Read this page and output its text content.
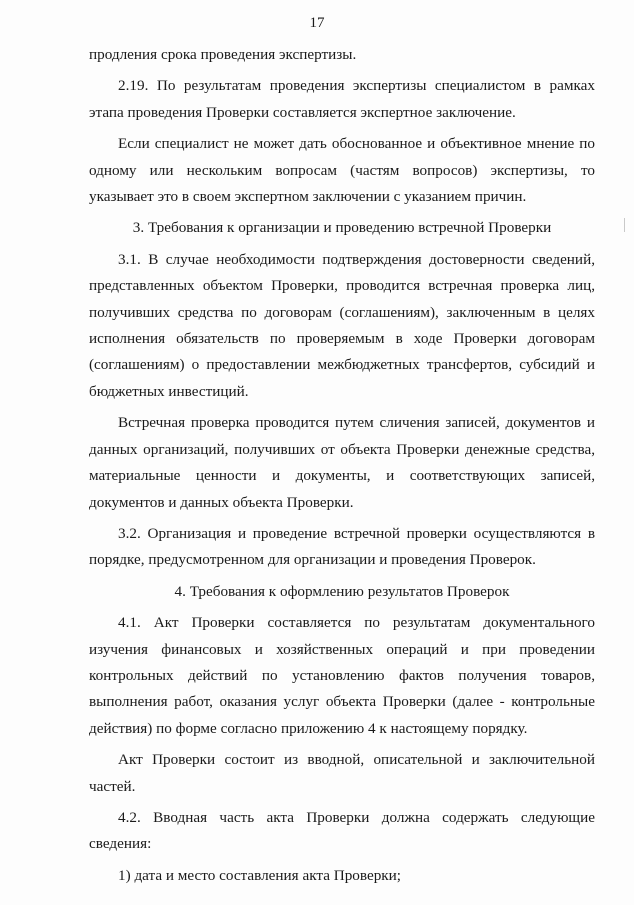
17

продления срока проведения экспертизы.

2.19. По результатам проведения экспертизы специалистом в рамках этапа проведения Проверки составляется экспертное заключение.

Если специалист не может дать обоснованное и объективное мнение по одному или нескольким вопросам (частям вопросов) экспертизы, то указывает это в своем экспертном заключении с указанием причин.

3. Требования к организации и проведению встречной Проверки

3.1. В случае необходимости подтверждения достоверности сведений, представленных объектом Проверки, проводится встречная проверка лиц, получивших средства по договорам (соглашениям), заключенным в целях исполнения обязательств по проверяемым в ходе Проверки договорам (соглашениям) о предоставлении межбюджетных трансфертов, субсидий и бюджетных инвестиций.

Встречная проверка проводится путем сличения записей, документов и данных организаций, получивших от объекта Проверки денежные средства, материальные ценности и документы, и соответствующих записей, документов и данных объекта Проверки.

3.2. Организация и проведение встречной проверки осуществляются в порядке, предусмотренном для организации и проведения Проверок.

4. Требования к оформлению результатов Проверок

4.1. Акт Проверки составляется по результатам документального изучения финансовых и хозяйственных операций и при проведении контрольных действий по установлению фактов получения товаров, выполнения работ, оказания услуг объекта Проверки (далее - контрольные действия) по форме согласно приложению 4 к настоящему порядку.

Акт Проверки состоит из вводной, описательной и заключительной частей.

4.2. Вводная часть акта Проверки должна содержать следующие сведения:

1) дата и место составления акта Проверки;
